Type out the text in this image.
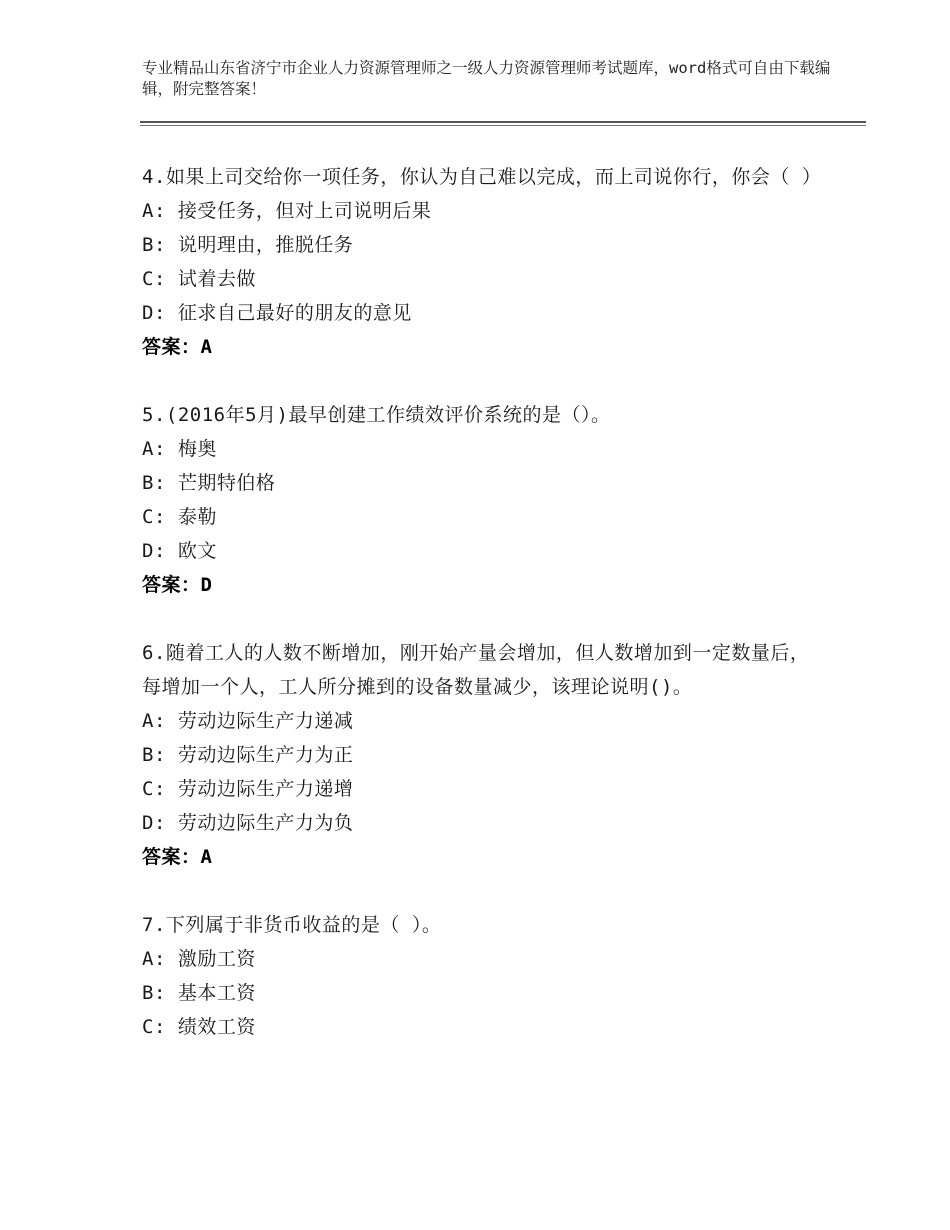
专业精品山东省济宁市企业人力资源管理师之一级人力资源管理师考试题库，word格式可自由下载编辑，附完整答案！
4.如果上司交给你一项任务，你认为自己难以完成，而上司说你行，你会（ ）
A: 接受任务，但对上司说明后果
B: 说明理由，推脱任务
C: 试着去做
D: 征求自己最好的朋友的意见
答案：A
5.(2016年5月)最早创建工作绩效评价系统的是（）。
A: 梅奥
B: 芒期特伯格
C: 泰勒
D: 欧文
答案：D
6.随着工人的人数不断增加，刚开始产量会增加，但人数增加到一定数量后，每增加一个人，工人所分摊到的设备数量减少，该理论说明()。
A: 劳动边际生产力递减
B: 劳动边际生产力为正
C: 劳动边际生产力递增
D: 劳动边际生产力为负
答案：A
7.下列属于非货币收益的是（ ）。
A: 激励工资
B: 基本工资
C: 绩效工资
